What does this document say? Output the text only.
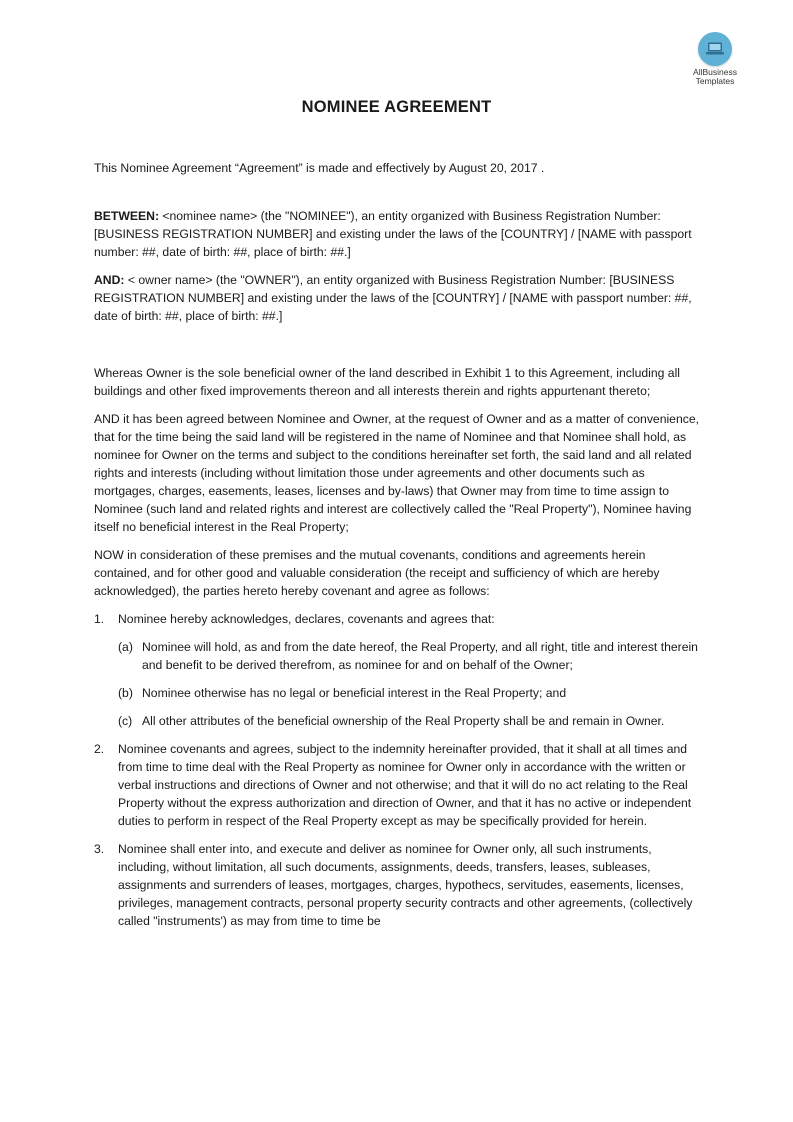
AllBusiness
Templates
NOMINEE AGREEMENT

This Nominee Agreement “Agreement” is made and effectively by August 20, 2017 .

BETWEEN: <nominee name> (the "NOMINEE"), an entity organized with Business Registration Number: [BUSINESS REGISTRATION NUMBER] and existing under the laws of the [COUNTRY] / [NAME with passport number: ##, date of birth: ##, place of birth: ##.]

AND: < owner name> (the "OWNER"), an entity organized with Business Registration Number: [BUSINESS REGISTRATION NUMBER] and existing under the laws of the [COUNTRY] / [NAME with passport number: ##, date of birth: ##, place of birth: ##.]

Whereas Owner is the sole beneficial owner of the land described in Exhibit 1 to this Agreement, including all buildings and other fixed improvements thereon and all interests therein and rights appurtenant thereto;

AND it has been agreed between Nominee and Owner, at the request of Owner and as a matter of convenience, that for the time being the said land will be registered in the name of Nominee and that Nominee shall hold, as nominee for Owner on the terms and subject to the conditions hereinafter set forth, the said land and all related rights and interests (including without limitation those under agreements and other documents such as mortgages, charges, easements, leases, licenses and by-laws) that Owner may from time to time assign to Nominee (such land and related rights and interest are collectively called the "Real Property"), Nominee having itself no beneficial interest in the Real Property;

NOW in consideration of these premises and the mutual covenants, conditions and agreements herein contained, and for other good and valuable consideration (the receipt and sufficiency of which are hereby acknowledged), the parties hereto hereby covenant and agree as follows:

1.	Nominee hereby acknowledges, declares, covenants and agrees that:
(a) Nominee will hold, as and from the date hereof, the Real Property, and all right, title and interest therein and benefit to be derived therefrom, as nominee for and on behalf of the Owner;
(b) Nominee otherwise has no legal or beneficial interest in the Real Property; and
(c) All other attributes of the beneficial ownership of the Real Property shall be and remain in Owner.
2.	Nominee covenants and agrees, subject to the indemnity hereinafter provided, that it shall at all times and from time to time deal with the Real Property as nominee for Owner only in accordance with the written or verbal instructions and directions of Owner and not otherwise; and that it will do no act relating to the Real Property without the express authorization and direction of Owner, and that it has no active or independent duties to perform in respect of the Real Property except as may be specifically provided for herein.
3.	Nominee shall enter into, and execute and deliver as nominee for Owner only, all such instruments, including, without limitation, all such documents, assignments, deeds, transfers, leases, subleases, assignments and surrenders of leases, mortgages, charges, hypothecs, servitudes, easements, licenses, privileges, management contracts, personal property security contracts and other agreements, (collectively called "instruments') as may from time to time be
